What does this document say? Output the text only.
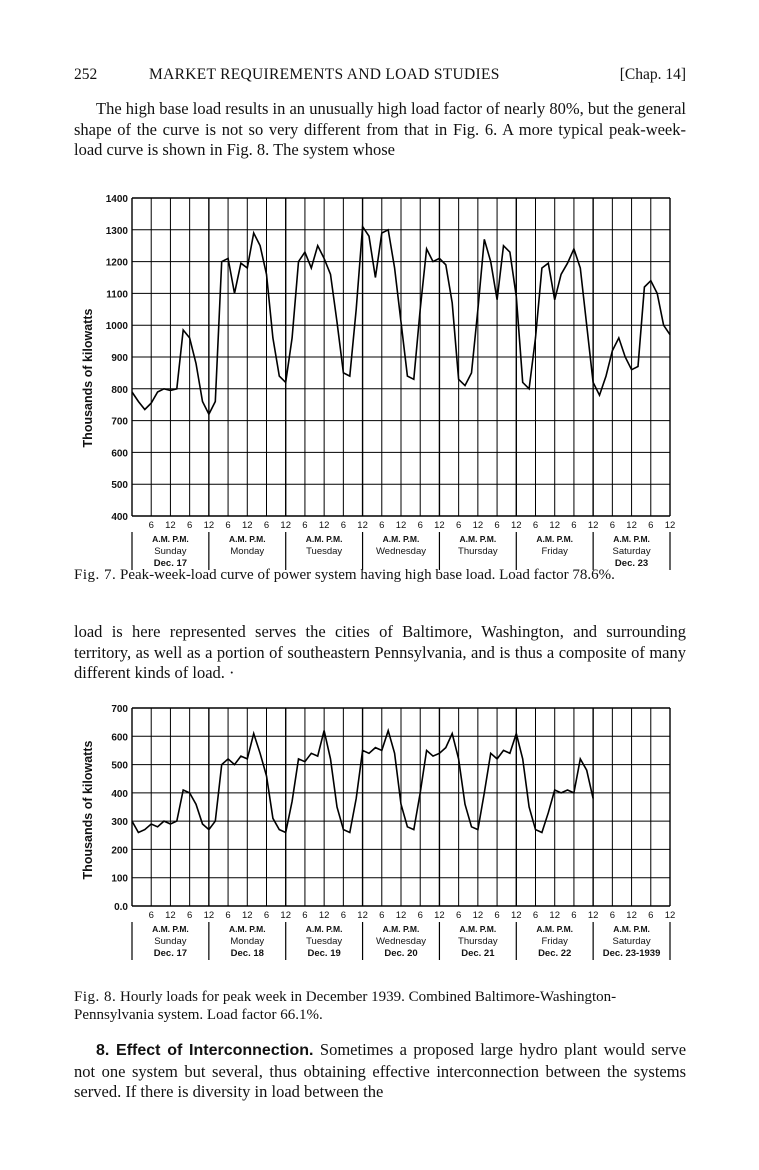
252	MARKET REQUIREMENTS AND LOAD STUDIES	[Chap. 14]
The high base load results in an unusually high load factor of nearly 80%, but the general shape of the curve is not so very different from that in Fig. 6. A more typical peak-week-load curve is shown in Fig. 8. The system whose
400
500
600
700
800
900
1000
1100
1200
1300
1400
6 12 6 12 6 12 6 12 6 12 6 12 6 12 6 12 6 12 6 12 6 12 6 12 6 12 6 12
A.M. P.M.
Sunday
Dec. 17
A.M. P.M.
Monday
A.M. P.M.
Tuesday
A.M. P.M.
Wednesday
A.M. P.M.
Thursday
A.M. P.M.
Friday
A.M. P.M.
Saturday
Dec. 23
Thousands of kilowatts
Fig. 7. Peak-week-load curve of power system having high base load. Load factor 78.6%.
load is here represented serves the cities of Baltimore, Washington, and surrounding territory, as well as a portion of southeastern Pennsylvania, and is thus a composite of many different kinds of load. ·
0.0
100
200
300
400
500
600
700
6 12 6 12 6 12 6 12 6 12 6 12 6 12 6 12 6 12 6 12 6 12 6 12 6 12 6 12
A.M. P.M.
Sunday
Dec. 17
A.M. P.M.
Monday
Dec. 18
A.M. P.M.
Tuesday
Dec. 19
A.M. P.M.
Wednesday
Dec. 20
A.M. P.M.
Thursday
Dec. 21
A.M. P.M.
Friday
Dec. 22
A.M. P.M.
Saturday
Dec. 23-1939
Thousands of kilowatts
Fig. 8. Hourly loads for peak week in December 1939. Combined Baltimore-Washington-Pennsylvania system. Load factor 66.1%.
8. Effect of Interconnection. Sometimes a proposed large hydro plant would serve not one system but several, thus obtaining effective interconnection between the systems served. If there is diversity in load between the
